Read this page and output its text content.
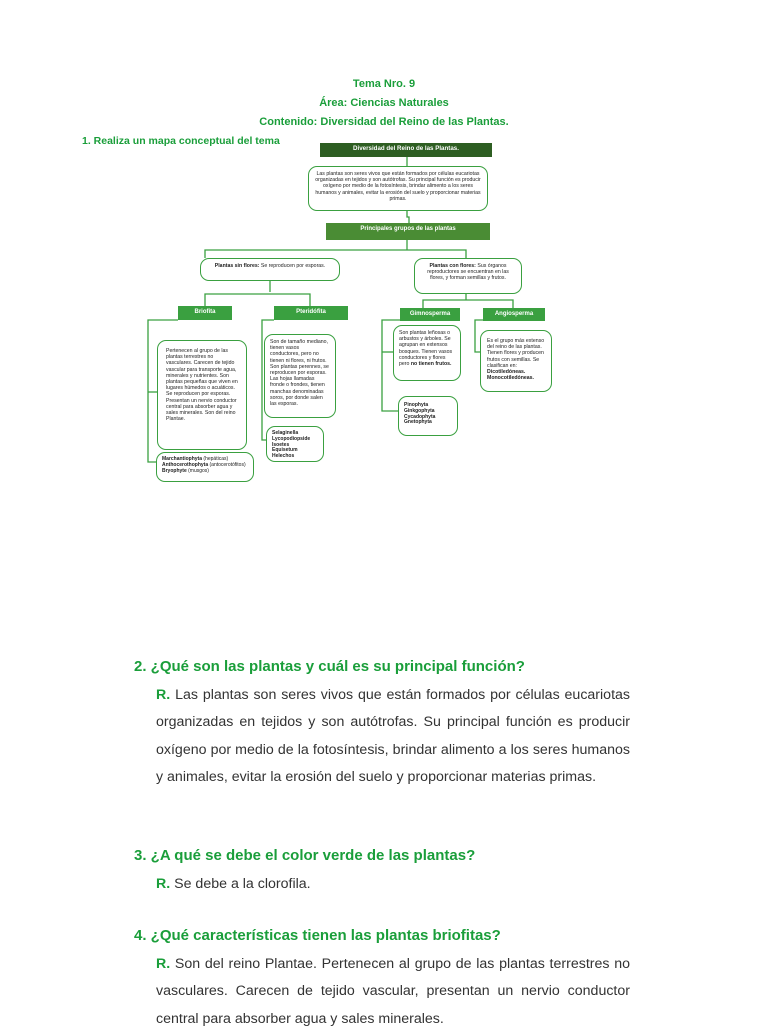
Tema Nro. 9
Área: Ciencias Naturales
Contenido: Diversidad del Reino de las Plantas.
1. Realiza un mapa conceptual del tema
Diversidad del Reino de las Plantas.
Las plantas son seres vivos que están formados por células eucariotas organizadas en tejidos y son autótrofas. Su principal función es producir oxígeno por medio de la fotosíntesis, brindar alimento a los seres humanos y animales, evitar la erosión del suelo y proporcionar materias primas.
Principales grupos de las plantas
Plantas sin flores: Se reproducen por esporas.	Plantas con flores: Sus órganos reproductores se encuentran en las flores, y forman semillas y frutos.
Briofita	Pteridófita	Gimnosperma	Angiosperma
Pertenecen al grupo de las plantas terrestres no vasculares. Carecen de tejido vascular para transporte agua, minerales y nutrientes. Son plantas pequeñas que viven en lugares húmedos o acuáticos. Se reproducen por esporas. Presentan un nervio conductor central para absorber agua y sales minerales. Son del reino Plantae.
Marchantiophyta (hepáticas)
Anthocerothophyta (antocerotófitos)
Bryophyte (musgos)
Son de tamaño mediano, tienen vasos conductores, pero no tienen ni flores, ni frutos. Son plantas perennes, se reproducen por esporas. Las hojas llamadas fronde o frondes, tienen manchas denominadas soros, por donde salen las esporas.
Selaginella
Lycopodiopside
Isoetes
Equisetum
Helechos
Son plantas leñosas o arbustos y árboles. Se agrupan en extensos bosques. Tienen vasos conductores y flores pero no tienen frutos.
Pinophyta
Ginkgophyta
Cycadophyta
Gnetophyta
Es el grupo más extenso del reino de las plantas. Tienen flores y producen frutos con semillas. Se clasifican en:
Dicotiledóneas.
Monocotiledóneas.
2. ¿Qué son las plantas y cuál es su principal función?
R. Las plantas son seres vivos que están formados por células eucariotas organizadas en tejidos y son autótrofas. Su principal función es producir oxígeno por medio de la fotosíntesis, brindar alimento a los seres humanos y animales, evitar la erosión del suelo y proporcionar materias primas.
3. ¿A qué se debe el color verde de las plantas?
R. Se debe a la clorofila.
4. ¿Qué características tienen las plantas briofitas?
R. Son del reino Plantae. Pertenecen al grupo de las plantas terrestres no vasculares. Carecen de tejido vascular, presentan un nervio conductor central para absorber agua y sales minerales.
